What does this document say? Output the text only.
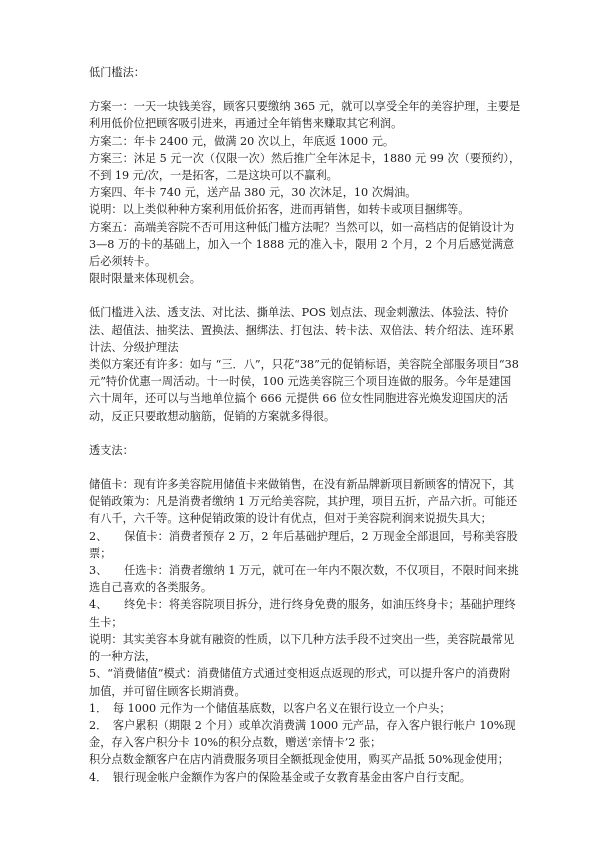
低门槛法：

方案一：一天一块钱美容，顾客只要缴纳 365 元，就可以享受全年的美容护理，主要是利用低价位把顾客吸引进来，再通过全年销售来赚取其它利润。

方案二：年卡 2400 元，做满 20 次以上，年底返 1000 元。

方案三：沐足 5 元一次（仅限一次）然后推广全年沐足卡，1880 元 99 次（要预约），不到 19 元/次，一是拓客，二是这块可以不赢利。

方案四、年卡 740 元，送产品 380 元，30 次沐足，10 次焗油。

说明：以上类似种种方案利用低价拓客，进而再销售，如转卡或项目捆绑等。

方案五：高端美容院不否可用这种低门槛方法呢？当然可以，如一高档店的促销设计为 3—8 万的卡的基础上，加入一个 1888 元的准入卡，限用 2 个月，2 个月后感觉满意后必须转卡。

限时限量来体现机会。

低门槛进入法、透支法、对比法、撕单法、POS 划点法、现金刺激法、体验法、特价法、超值法、抽奖法、置换法、捆绑法、打包法、转卡法、双倍法、转介绍法、连环累计法、分级护理法

类似方案还有许多：如与 “三．八”，只花“38”元的促销标语，美容院全部服务项目“38 元”特价优惠一周活动。十一时侯，100 元选美容院三个项目连做的服务。今年是建国六十周年，还可以与当地单位搞个 666 元提供 66 位女性同胞进容光焕发迎国庆的活动，反正只要敢想动脑筋，促销的方案就多得很。

透支法：

储值卡：现有许多美容院用储值卡来做销售，在没有新品牌新项目新顾客的情况下，其促销政策为：凡是消费者缴纳 1 万元给美容院，其护理，项目五折，产品六折。可能还有八千，六千等。这种促销政策的设计有优点，但对于美容院利润来说损失具大；

2、　　保值卡：消费者预存 2 万，2 年后基础护理后，2 万现金全部退回，号称美容股票；

3、　　任选卡：消费者缴纳 1 万元，就可在一年内不限次数，不仅项目，不限时间来挑选自己喜欢的各类服务。

4、　　终免卡：将美容院项目拆分，进行终身免费的服务，如油压终身卡；基础护理终生卡；

说明：其实美容本身就有融资的性质，以下几种方法手段不过突出一些，美容院最常见的一种方法，

5、“消费储值”模式：消费储值方式通过变相返点返现的形式，可以提升客户的消费附加值，并可留住顾客长期消费。

1．　每 1000 元作为一个储值基底数，以客户名义在银行设立一个户头；

2．　客户累积（期限 2 个月）或单次消费满 1000 元产品，存入客户银行帐户 10%现金，存入客户积分卡 10%的积分点数，赠送‘亲情卡’2 张；

积分点数金额客户在店内消费服务项目全额抵现金使用，购买产品抵 50%现金使用；

4．　银行现金帐户金额作为客户的保险基金或子女教育基金由客户自行支配。
